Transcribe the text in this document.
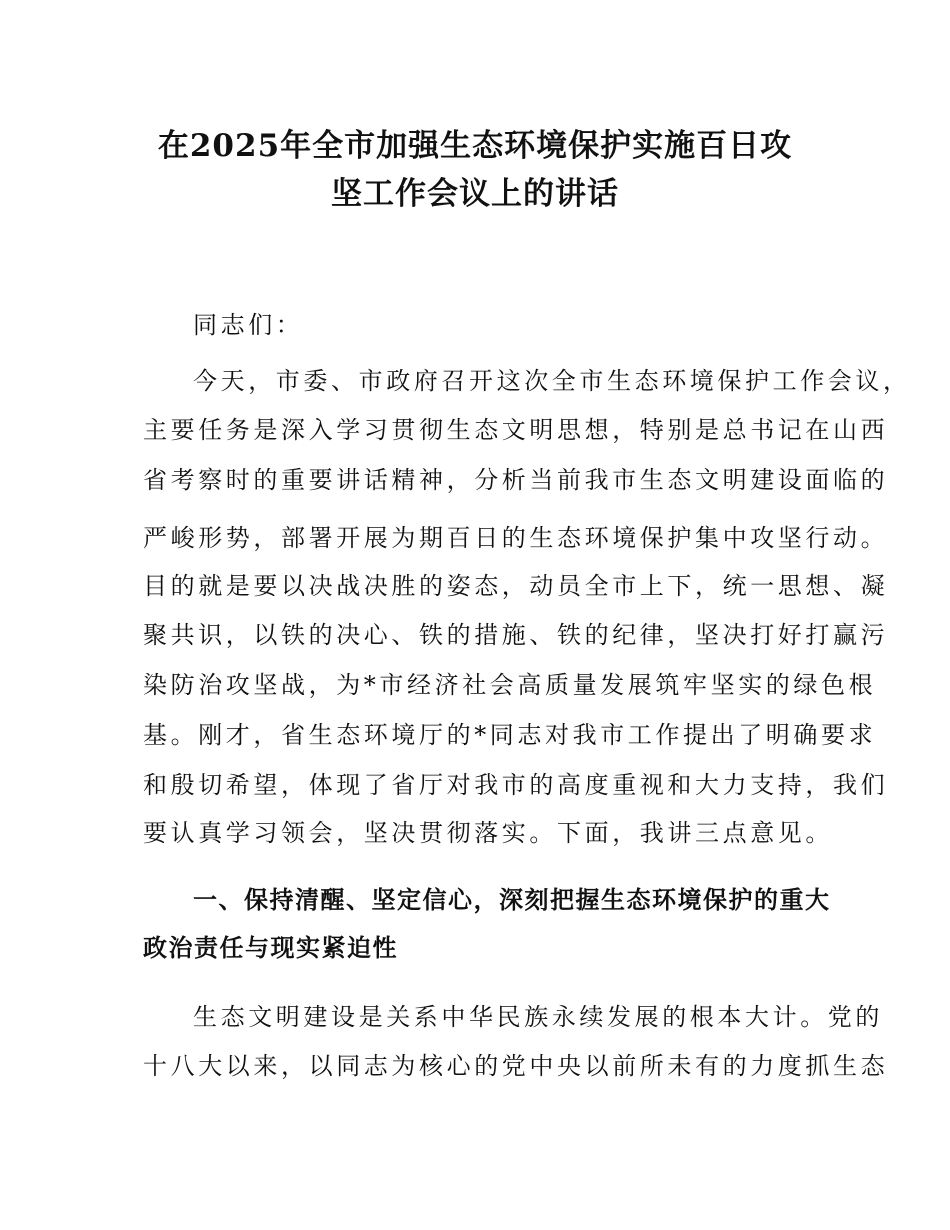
在2025年全市加强生态环境保护实施百日攻
坚工作会议上的讲话
同志们：
今天，市委、市政府召开这次全市生态环境保护工作会议，
主要任务是深入学习贯彻生态文明思想，特别是总书记在山西
省考察时的重要讲话精神，分析当前我市生态文明建设面临的
严峻形势，部署开展为期百日的生态环境保护集中攻坚行动。
目的就是要以决战决胜的姿态，动员全市上下，统一思想、凝
聚共识，以铁的决心、铁的措施、铁的纪律，坚决打好打赢污
染防治攻坚战，为*市经济社会高质量发展筑牢坚实的绿色根
基。刚才，省生态环境厅的*同志对我市工作提出了明确要求
和殷切希望，体现了省厅对我市的高度重视和大力支持，我们
要认真学习领会，坚决贯彻落实。下面，我讲三点意见。
一、保持清醒、坚定信心，深刻把握生态环境保护的重大
政治责任与现实紧迫性
生态文明建设是关系中华民族永续发展的根本大计。党的
十八大以来，以同志为核心的党中央以前所未有的力度抓生态
